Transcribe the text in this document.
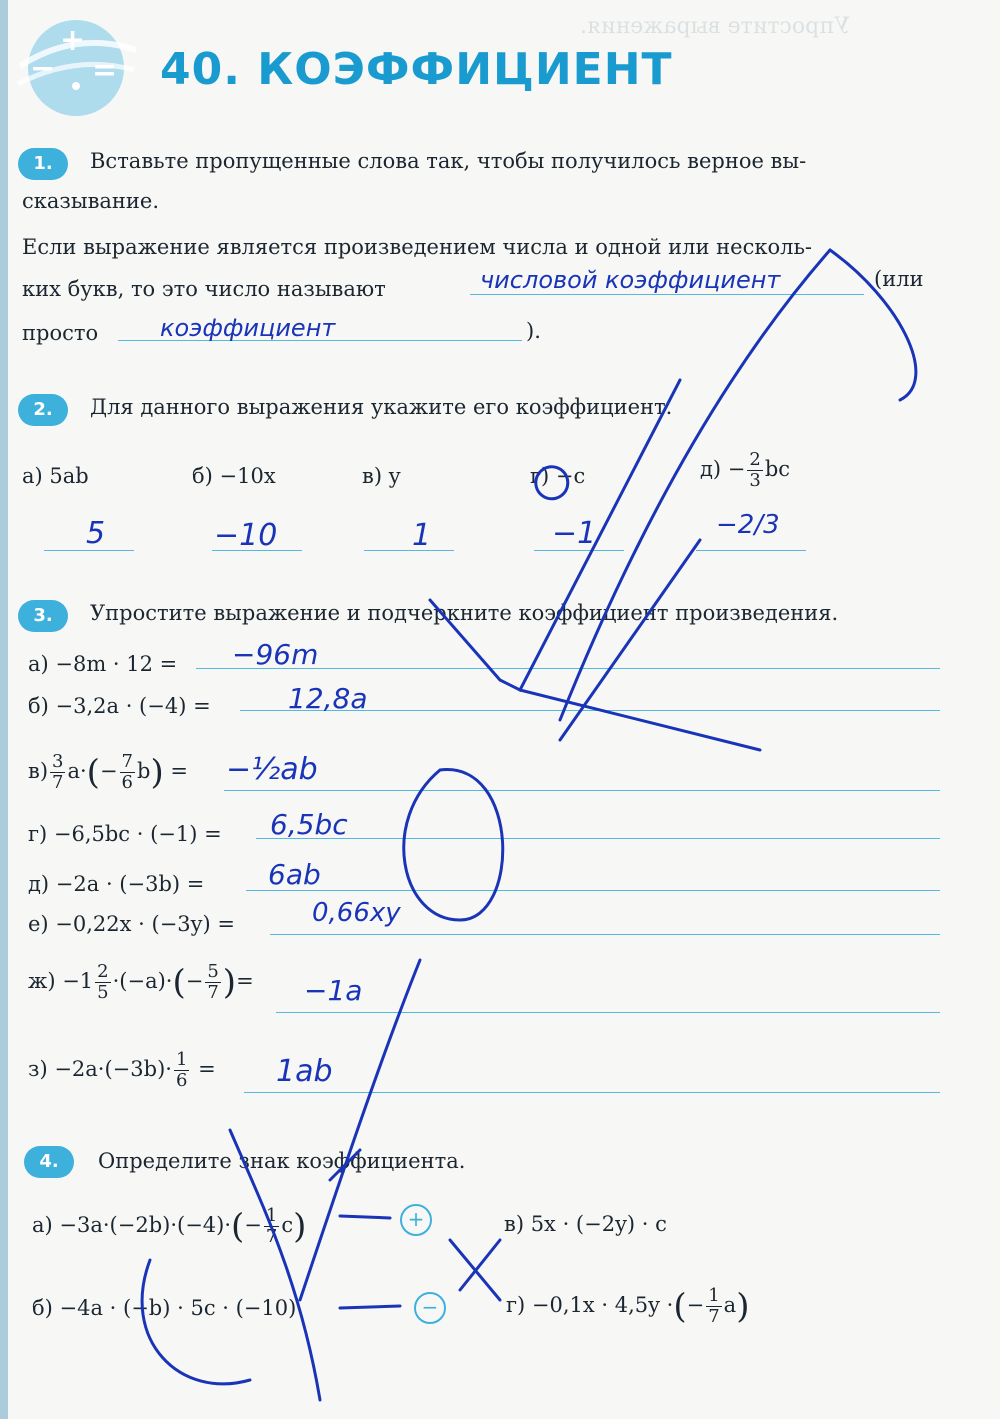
Упростите выражения.
+
− = 40. КОЭФФИЦИЕНТ
1.	Вставьте пропущенные слова так, чтобы получилось верное вы-
сказывание.
Если выражение является произведением числа и одной или несколь-
ких букв, то это число называют	числовой коэффициент	(или
просто	коэффициент	).
2.	Для данного выражения укажите его коэффициент.
а) 5ab	б) −10x	в) y	г) −c	$д) - \frac{2}{3}$ bc
5	−10	1	−1	−2/3
3.	Упростите выражение и подчеркните коэффициент произведения.
а) −8m · 12 = −96m
б) −3,2a · (−4) =	12,8a
$в) \frac{3}{7} a\cdot(- \frac{7}{6} b)$ = −½ab
г) −6,5bc · (−1) = 6,5bc
д) −2a · (−3b) = 6ab
е) −0,22x · (−3y) =	0,66xy
$ж) -1 \frac{2}{5} \cdot(-a)\cdot(- \frac{5}{7}$ )= −1a
$з) -2a\cdot(-3b)\cdot \frac{1}{6} = 1ab$
4.	Определите знак коэффициента.
$а) -3a\cdot(-2b)\cdot(-4)\cdot(- \frac{1}{7} c)$	+	в) 5x · (−2y) · c
б) −4a · (−b) · 5c · (−10)	−	г) −0,1x · 4,5y ·(− $\frac{1}{7} a$)
